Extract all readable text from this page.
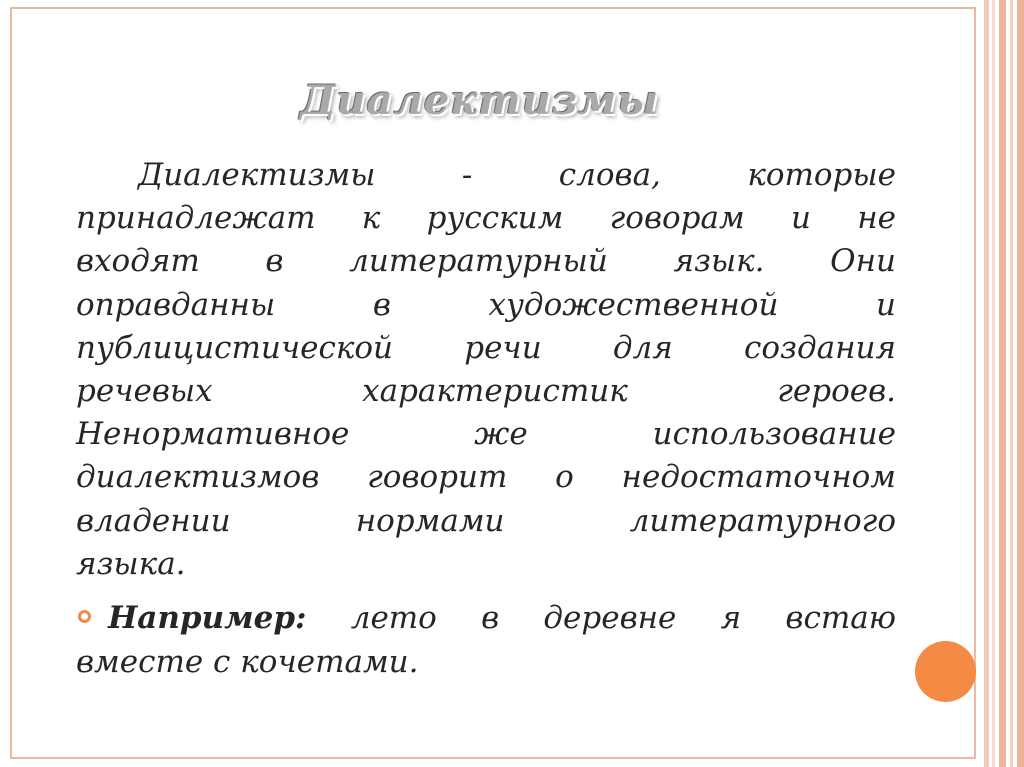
Диалектизмы
Диалектизмы - слова, которые
принадлежат к русским говорам и не
входят в литературный язык. Они
оправданны в художественной и
публицистической речи для создания
речевых характеристик героев.
Ненормативное же использование
диалектизмов говорит о недостаточном
владении нормами литературного
языка.
Например: лето в деревне я встаю
вместе с кочетами.
